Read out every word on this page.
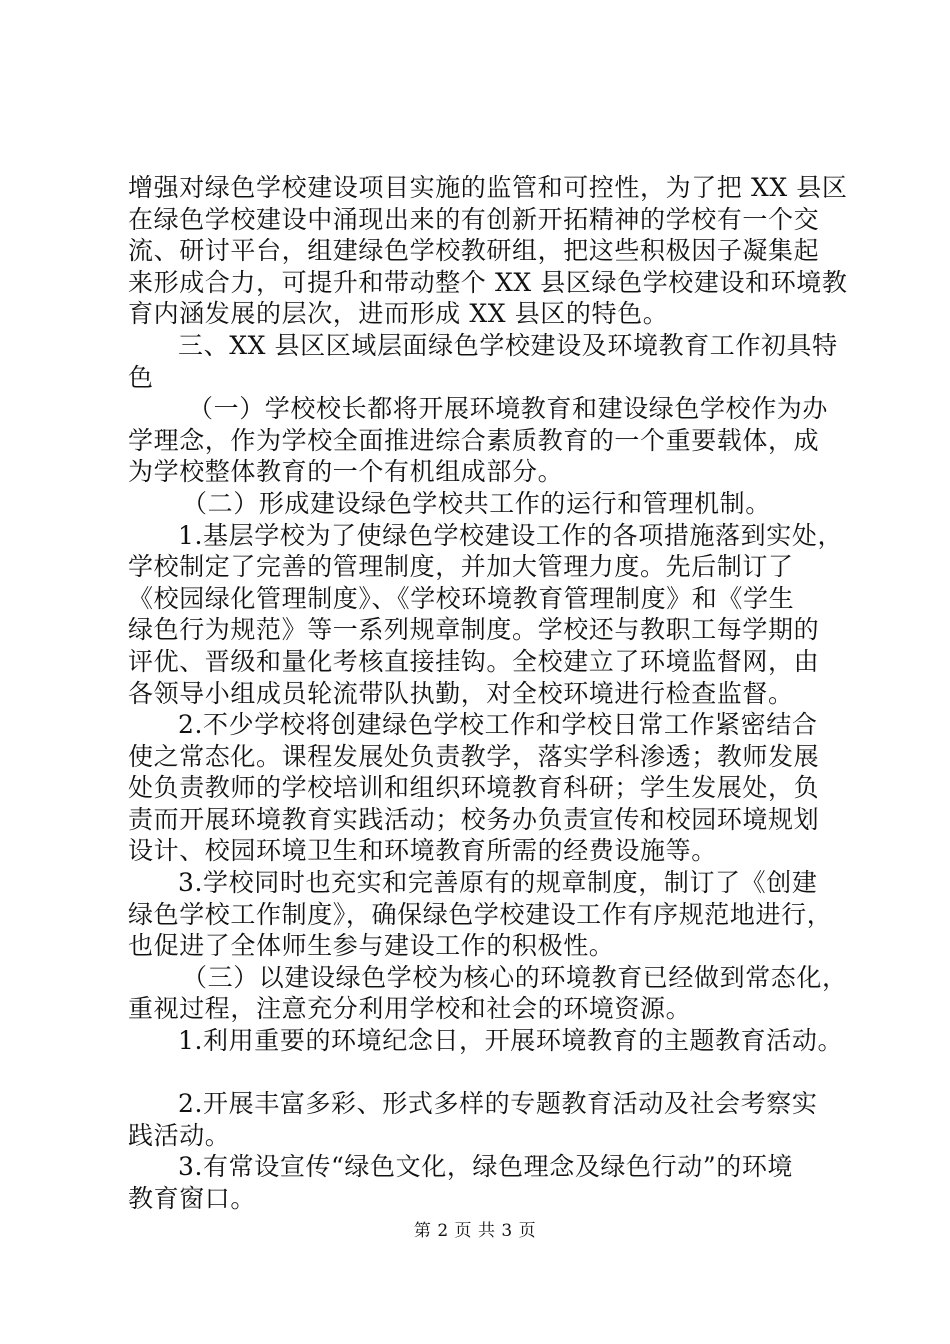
增强对绿色学校建设项目实施的监管和可控性，为了把 XX 县区
在绿色学校建设中涌现出来的有创新开拓精神的学校有一个交
流、研讨平台，组建绿色学校教研组，把这些积极因子凝集起
来形成合力，可提升和带动整个 XX 县区绿色学校建设和环境教
育内涵发展的层次，进而形成 XX 县区的特色。
三、XX 县区区域层面绿色学校建设及环境教育工作初具特
色
（一）学校校长都将开展环境教育和建设绿色学校作为办
学理念，作为学校全面推进综合素质教育的一个重要载体，成
为学校整体教育的一个有机组成部分。
（二）形成建设绿色学校共工作的运行和管理机制。
1.基层学校为了使绿色学校建设工作的各项措施落到实处，
学校制定了完善的管理制度，并加大管理力度。先后制订了
《校园绿化管理制度》、《学校环境教育管理制度》和《学生
绿色行为规范》等一系列规章制度。学校还与教职工每学期的
评优、晋级和量化考核直接挂钩。全校建立了环境监督网，由
各领导小组成员轮流带队执勤，对全校环境进行检查监督。
2.不少学校将创建绿色学校工作和学校日常工作紧密结合
使之常态化。课程发展处负责教学，落实学科渗透；教师发展
处负责教师的学校培训和组织环境教育科研；学生发展处，负
责而开展环境教育实践活动；校务办负责宣传和校园环境规划
设计、校园环境卫生和环境教育所需的经费设施等。
3.学校同时也充实和完善原有的规章制度，制订了《创建
绿色学校工作制度》，确保绿色学校建设工作有序规范地进行，
也促进了全体师生参与建设工作的积极性。
（三）以建设绿色学校为核心的环境教育已经做到常态化，
重视过程，注意充分利用学校和社会的环境资源。
1.利用重要的环境纪念日，开展环境教育的主题教育活动。
2.开展丰富多彩、形式多样的专题教育活动及社会考察实
践活动。
3.有常设宣传“绿色文化，绿色理念及绿色行动”的环境
教育窗口。
第 2 页 共 3 页
